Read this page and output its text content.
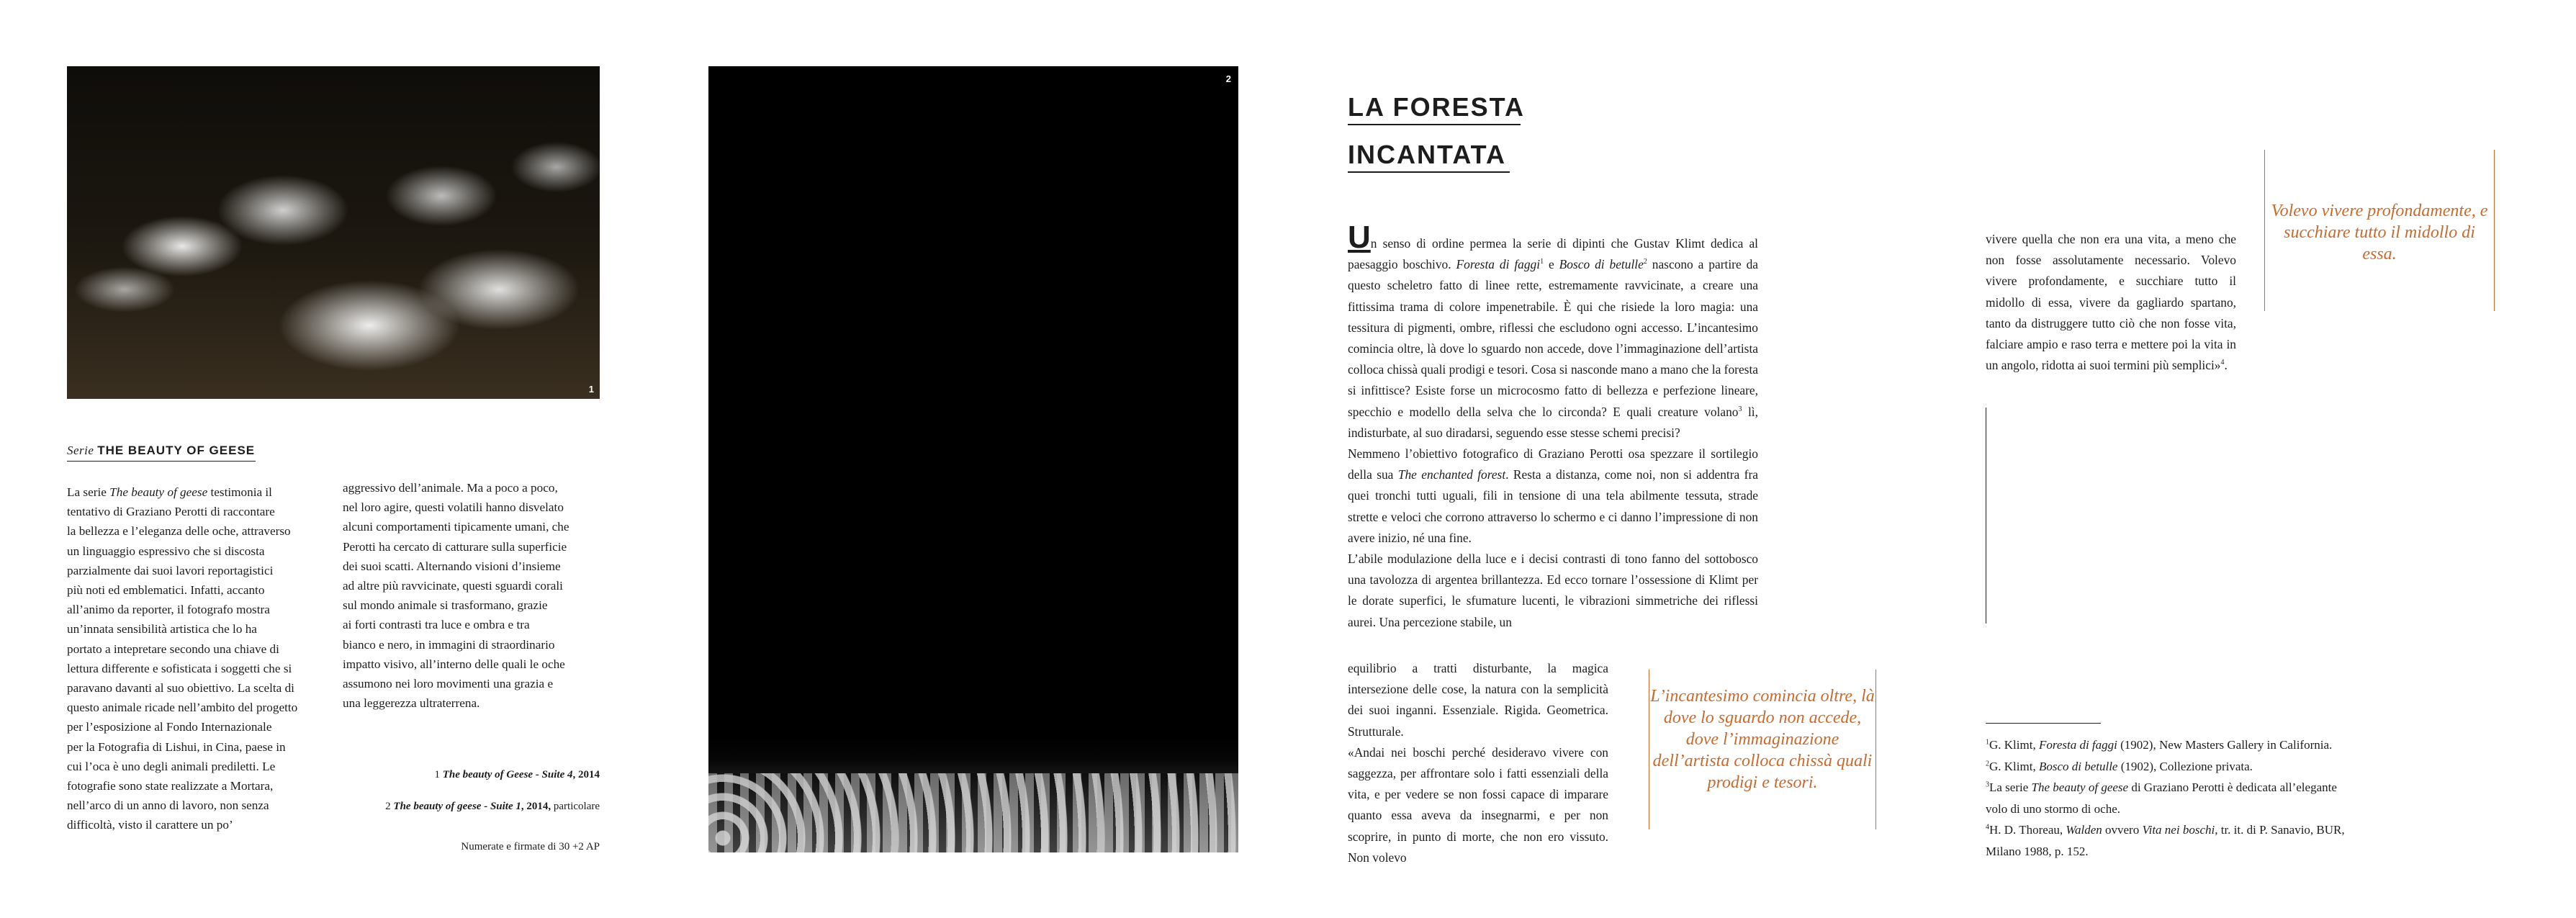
1
Serie THE BEAUTY OF GEESE
La serie The beauty of geese testimonia il
tentativo di Graziano Perotti di raccontare
la bellezza e l’eleganza delle oche, attraverso
un linguaggio espressivo che si discosta
parzialmente dai suoi lavori reportagistici
più noti ed emblematici. Infatti, accanto
all’animo da reporter, il fotografo mostra
un’innata sensibilità artistica che lo ha
portato a intepretare secondo una chiave di
lettura differente e sofisticata i soggetti che si
paravano davanti al suo obiettivo. La scelta di
questo animale ricade nell’ambito del progetto
per l’esposizione al Fondo Internazionale
per la Fotografia di Lishui, in Cina, paese in
cui l’oca è uno degli animali prediletti. Le
fotografie sono state realizzate a Mortara,
nell’arco di un anno di lavoro, non senza
difficoltà, visto il carattere un po’
aggressivo dell’animale. Ma a poco a poco,
nel loro agire, questi volatili hanno disvelato
alcuni comportamenti tipicamente umani, che
Perotti ha cercato di catturare sulla superficie
dei suoi scatti. Alternando visioni d’insieme
ad altre più ravvicinate, questi sguardi corali
sul mondo animale si trasformano, grazie
ai forti contrasti tra luce e ombra e tra
bianco e nero, in immagini di straordinario
impatto visivo, all’interno delle quali le oche
assumono nei loro movimenti una grazia e
una leggerezza ultraterrena.
1 The beauty of Geese - Suite 4, 2014
2 The beauty of geese - Suite 1, 2014, particolare
Numerate e firmate di 30 +2 AP
2
LA FORESTA
INCANTATA

Un senso di ordine permea la serie di dipinti che Gustav Klimt dedica al paesaggio boschivo. Foresta di faggi$^1$ e Bosco di betulle$^2$ nascono a partire da questo scheletro fatto di linee rette, estremamente ravvicinate, a creare una fittissima trama di colore impenetrabile. È qui che risiede la loro magia: una tessitura di pigmenti, ombre, riflessi che escludono ogni accesso. L’incantesimo comincia oltre, là dove lo sguardo non accede, dove l’immaginazione dell’artista colloca chissà quali prodigi e tesori. Cosa si nasconde mano a mano che la foresta si infittisce? Esiste forse un microcosmo fatto di bellezza e perfezione lineare, specchio e modello della selva che lo circonda? E quali creature volano$^3$ lì, indisturbate, al suo diradarsi, seguendo esse stesse schemi precisi?

Nemmeno l’obiettivo fotografico di Graziano Perotti osa spezzare il sortilegio della sua The enchanted forest. Resta a distanza, come noi, non si addentra fra quei tronchi tutti uguali, fili in tensione di una tela abilmente tessuta, strade strette e veloci che corrono attraverso lo schermo e ci danno l’impressione di non avere inizio, né una fine.

L’abile modulazione della luce e i decisi contrasti di tono fanno del sottobosco una tavolozza di argentea brillantezza. Ed ecco tornare l’ossessione di Klimt per le dorate superfici, le sfumature lucenti, le vibrazioni simmetriche dei riflessi aurei. Una percezione stabile, un

equilibrio a tratti disturbante, la magica intersezione delle cose, la natura con la semplicità dei suoi inganni. Essenziale. Rigida. Geometrica. Strutturale.

«Andai nei boschi perché desideravo vivere con saggezza, per affrontare solo i fatti essenziali della vita, e per vedere se non fossi capace di imparare quanto essa aveva da insegnarmi, e per non scoprire, in punto di morte, che non ero vissuto. Non volevo

L’incantesimo comincia oltre, là dove lo sguardo non accede, dove l’immaginazione dell’artista colloca chissà quali prodigi e tesori.

vivere quella che non era una vita, a meno che non fosse assolutamente necessario. Volevo vivere profondamente, e succhiare tutto il midollo di essa, vivere da gagliardo spartano, tanto da distruggere tutto ciò che non fosse vita, falciare ampio e raso terra e mettere poi la vita in un angolo, ridotta ai suoi termini più semplici»$^4$.

Volevo vivere profondamente, e succhiare tutto il midollo di essa.
$^1$G. Klimt, Foresta di faggi (1902), New Masters Gallery in California.
$^2$G. Klimt, Bosco di betulle (1902), Collezione privata.
$^3$La serie The beauty of geese di Graziano Perotti è dedicata all’elegante
volo di uno stormo di oche.
$^4$H. D. Thoreau, Walden ovvero Vita nei boschi, tr. it. di P. Sanavio, BUR,
Milano 1988, p. 152.
